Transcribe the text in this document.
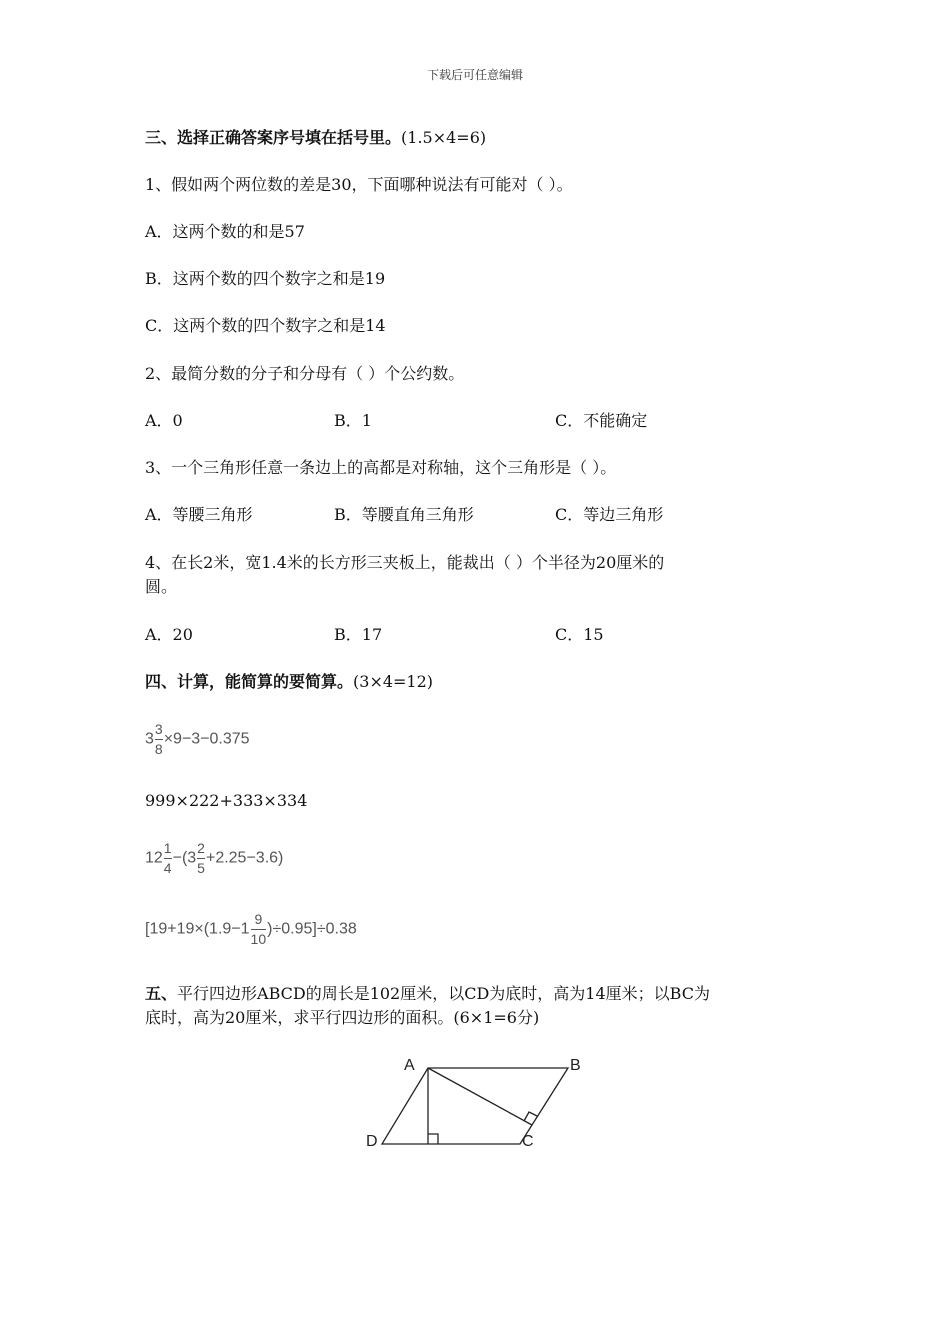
下载后可任意编辑
三、选择正确答案序号填在括号里。(1.5×4=6)
1、假如两个两位数的差是30，下面哪种说法有可能对（ ）。
A．这两个数的和是57
B．这两个数的四个数字之和是19
C．这两个数的四个数字之和是14
2、最简分数的分子和分母有（ ）个公约数。
A．0	B．1	C．不能确定
3、一个三角形任意一条边上的高都是对称轴，这个三角形是（ ）。
A．等腰三角形	B．等腰直角三角形	C．等边三角形
4、在长2米，宽1.4米的长方形三夹板上，能裁出（ ）个半径为20厘米的
圆。
A．20	B．17	C．15
四、计算，能简算的要简算。(3×4=12)
$3 \frac{3}{8} \times 9-3-0.375$
999×222+333×334
$12 \frac{1}{4} -(3 \frac{2}{5} +2.25-3.6)$
$[19+19\times(1.9-1 \frac{9}{10} )\div 0.95]\div 0.38$
五、平行四边形ABCD的周长是102厘米，以CD为底时，高为14厘米；以BC为
底时，高为20厘米，求平行四边形的面积。(6×1=6分)
A	B
C
D
